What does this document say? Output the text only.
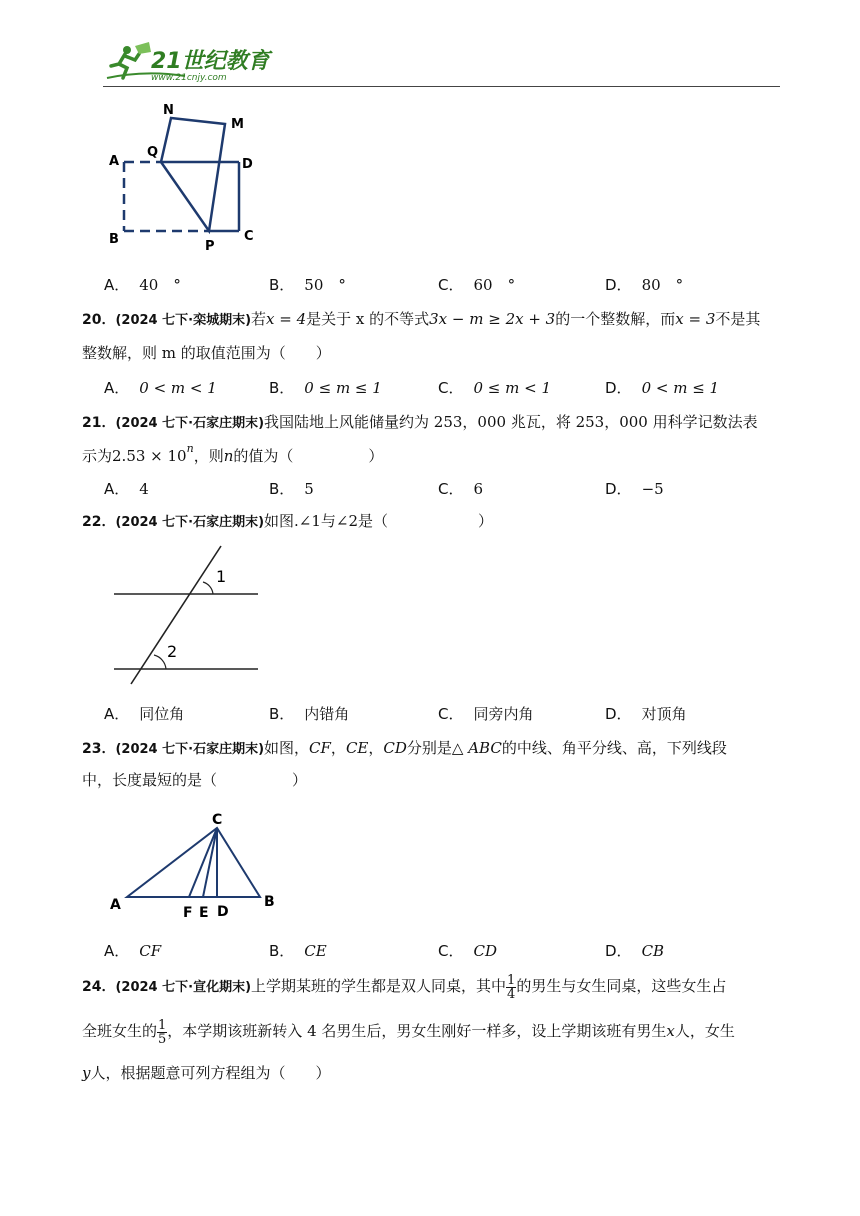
21世纪教育
www.21cnjy.com
N
M
A
Q
D
B	P
C
A． 40　°	B． 50　°	C． 60　°	D． 80　°
20．(2024 七下·栾城期末)若x = 4是关于 x 的不等式3x − m ≥ 2x + 3的一个整数解，而x = 3不是其
整数解，则 m 的取值范围为（　　）
A． 0 < m < 1	B． 0 ≤ m ≤ 1	C． 0 ≤ m < 1	D． 0 < m ≤ 1
21．(2024 七下·石家庄期末)我国陆地上风能储量约为 253，000 兆瓦，将 253，000 用科学记数法表
示为$2.53 \times 10^n$，则n的值为（　　　　　）
A． 4	B． 5	C． 6	D． −5
22．(2024 七下·石家庄期末)如图.∠1与∠2是（　　　　　　）
1
2
A． 同位角	B． 内错角	C． 同旁内角	D． 对顶角
23．(2024 七下·石家庄期末)如图，CF，CE，CD分别是△ ABC的中线、角平分线、高，下列线段
中，长度最短的是（　　　　　）
C
A	F E D
B
A． CF	B． CE	C． CD	D． CB
24．(2024 七下·宣化期末)上学期某班的学生都是双人同桌，其中 $\frac{1}{4}$ 的男生与女生同桌，这些女生占
全班女生的 $\frac{1}{5}$ ，本学期该班新转入 4 名男生后，男女生刚好一样多，设上学期该班有男生x人，女生
y人，根据题意可列方程组为（　　）
